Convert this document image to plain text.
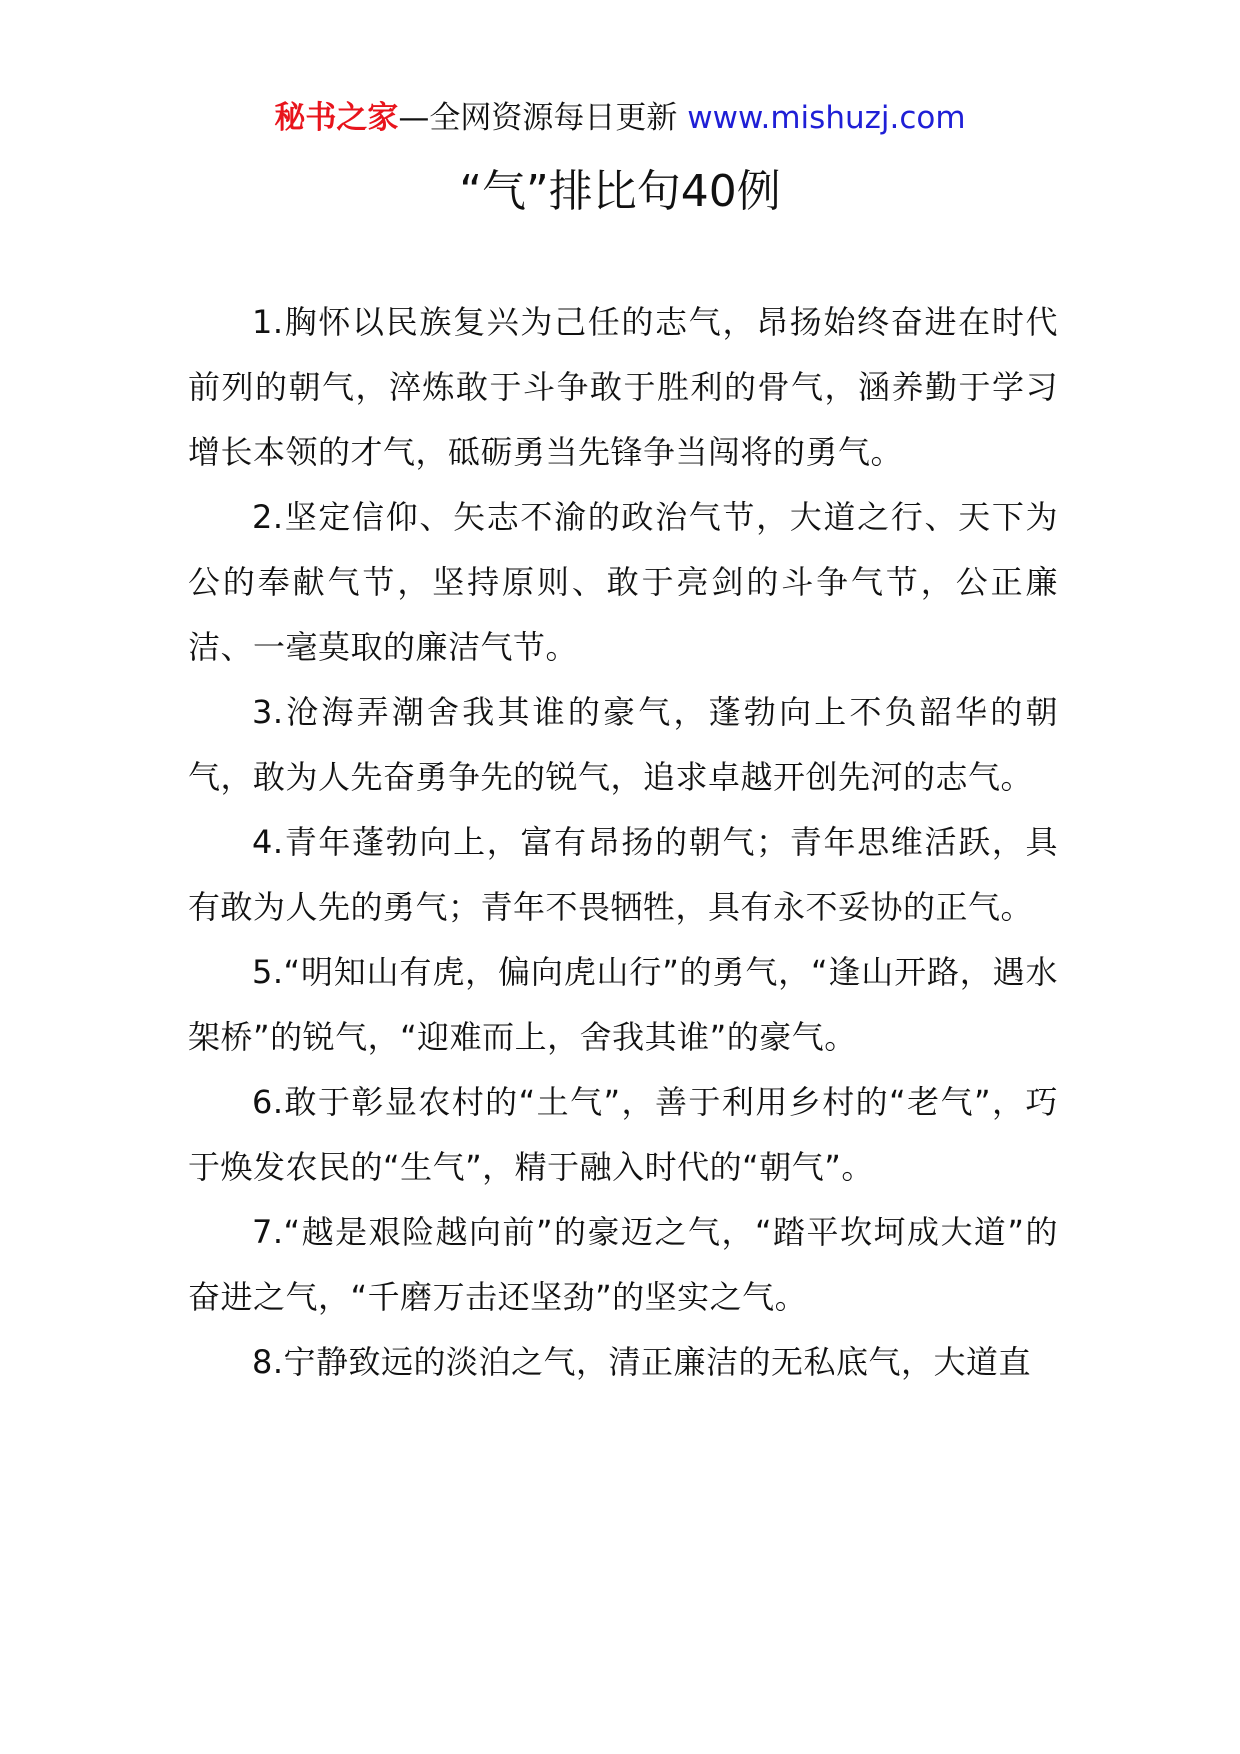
秘书之家—全网资源每日更新 www.mishuzj.com
“气”排比句40例

1.胸怀以民族复兴为己任的志气，昂扬始终奋进在时代前列的朝气，淬炼敢于斗争敢于胜利的骨气，涵养勤于学习增长本领的才气，砥砺勇当先锋争当闯将的勇气。

2.坚定信仰、矢志不渝的政治气节，大道之行、天下为公的奉献气节，坚持原则、敢于亮剑的斗争气节，公正廉洁、一毫莫取的廉洁气节。

3.沧海弄潮舍我其谁的豪气，蓬勃向上不负韶华的朝气，敢为人先奋勇争先的锐气，追求卓越开创先河的志气。

4.青年蓬勃向上，富有昂扬的朝气；青年思维活跃，具有敢为人先的勇气；青年不畏牺牲，具有永不妥协的正气。

5.“明知山有虎，偏向虎山行”的勇气，“逢山开路，遇水架桥”的锐气，“迎难而上，舍我其谁”的豪气。

6.敢于彰显农村的“土气”，善于利用乡村的“老气”，巧于焕发农民的“生气”，精于融入时代的“朝气”。

7.“越是艰险越向前”的豪迈之气，“踏平坎坷成大道”的奋进之气，“千磨万击还坚劲”的坚实之气。

8.宁静致远的淡泊之气，清正廉洁的无私底气，大道直
